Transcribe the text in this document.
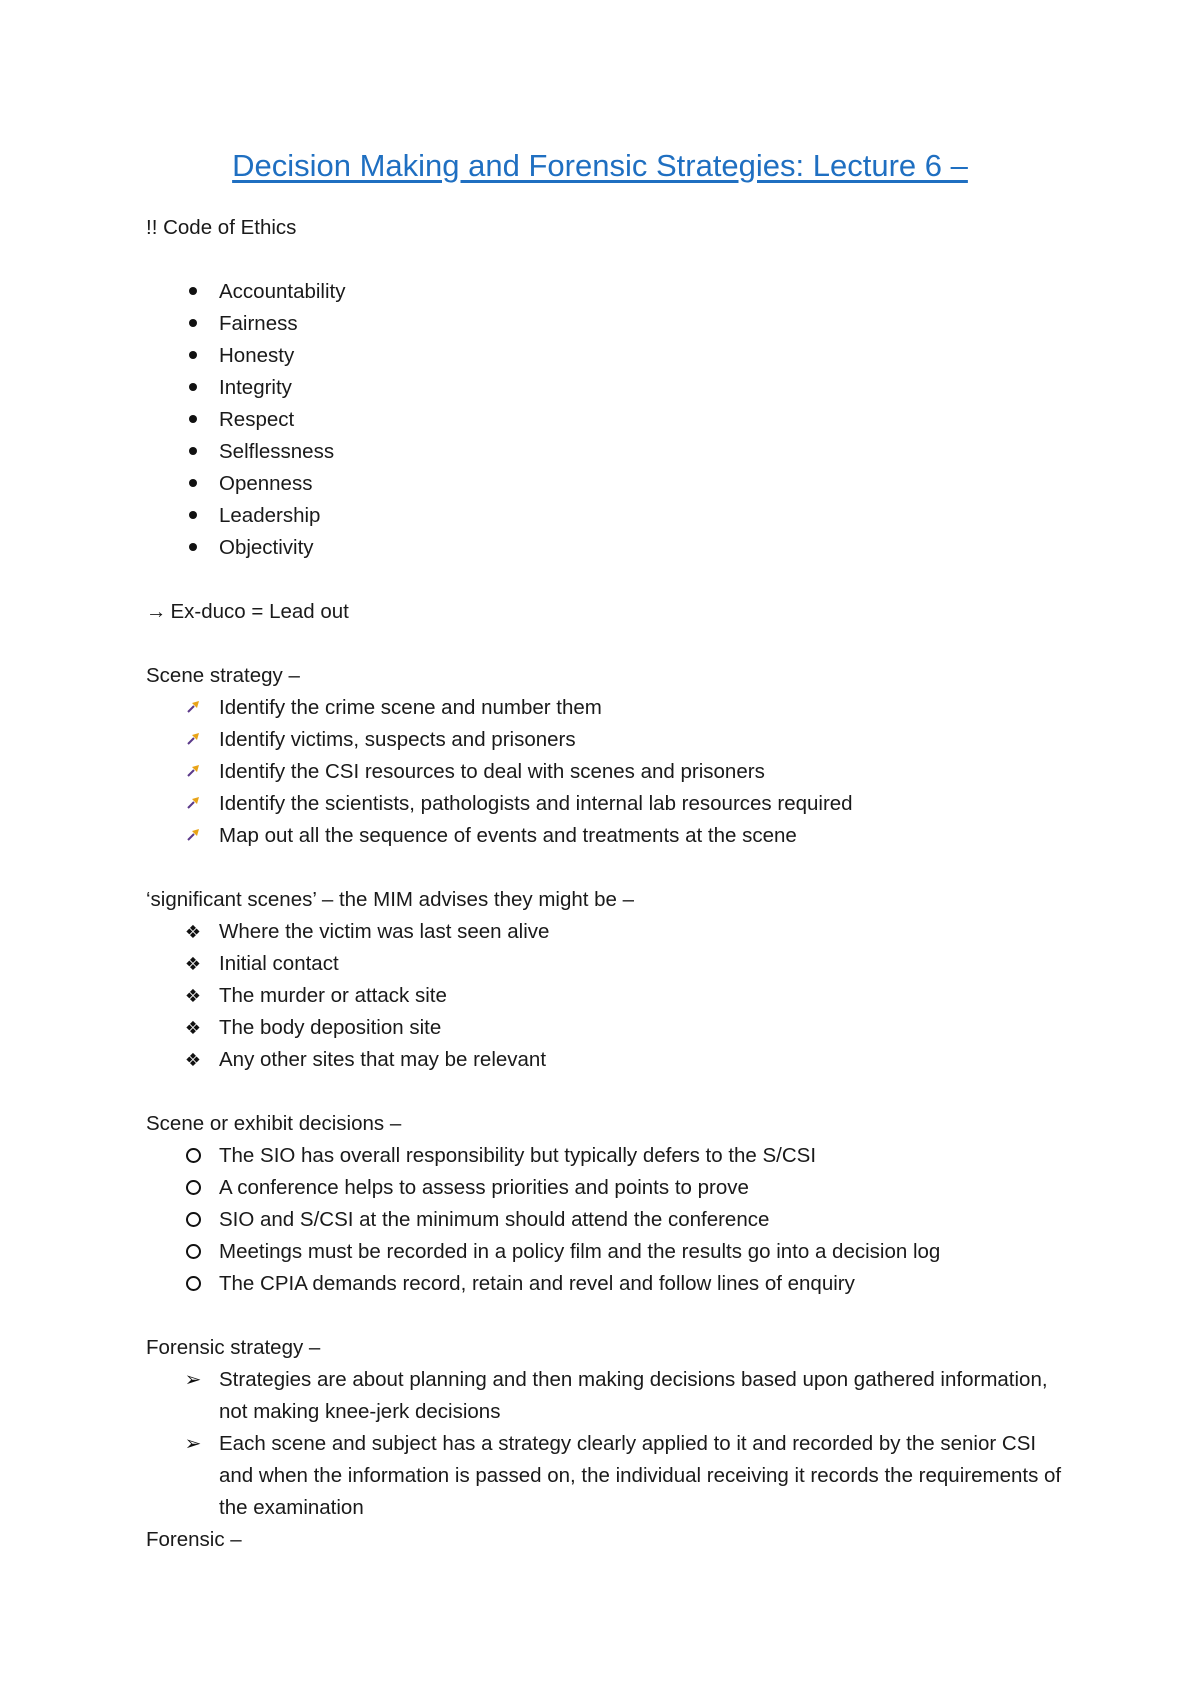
Decision Making and Forensic Strategies: Lecture 6 –

!! Code of Ethics

Accountability
Fairness
Honesty
Integrity
Respect
Selflessness
Openness
Leadership
Objectivity

→ Ex-duco = Lead out

Scene strategy –

Identify the crime scene and number them
Identify victims, suspects and prisoners
Identify the CSI resources to deal with scenes and prisoners
Identify the scientists, pathologists and internal lab resources required
Map out all the sequence of events and treatments at the scene

‘significant scenes’ – the MIM advises they might be –

❖ Where the victim was last seen alive
❖ Initial contact
❖ The murder or attack site
❖ The body deposition site
❖ Any other sites that may be relevant

Scene or exhibit decisions –

The SIO has overall responsibility but typically defers to the S/CSI
A conference helps to assess priorities and points to prove
SIO and S/CSI at the minimum should attend the conference
Meetings must be recorded in a policy film and the results go into a decision log
The CPIA demands record, retain and revel and follow lines of enquiry

Forensic strategy –

➢ Strategies are about planning and then making decisions based upon gathered information, not making knee-jerk decisions
➢ Each scene and subject has a strategy clearly applied to it and recorded by the senior CSI and when the information is passed on, the individual receiving it records the requirements of the examination

Forensic –
